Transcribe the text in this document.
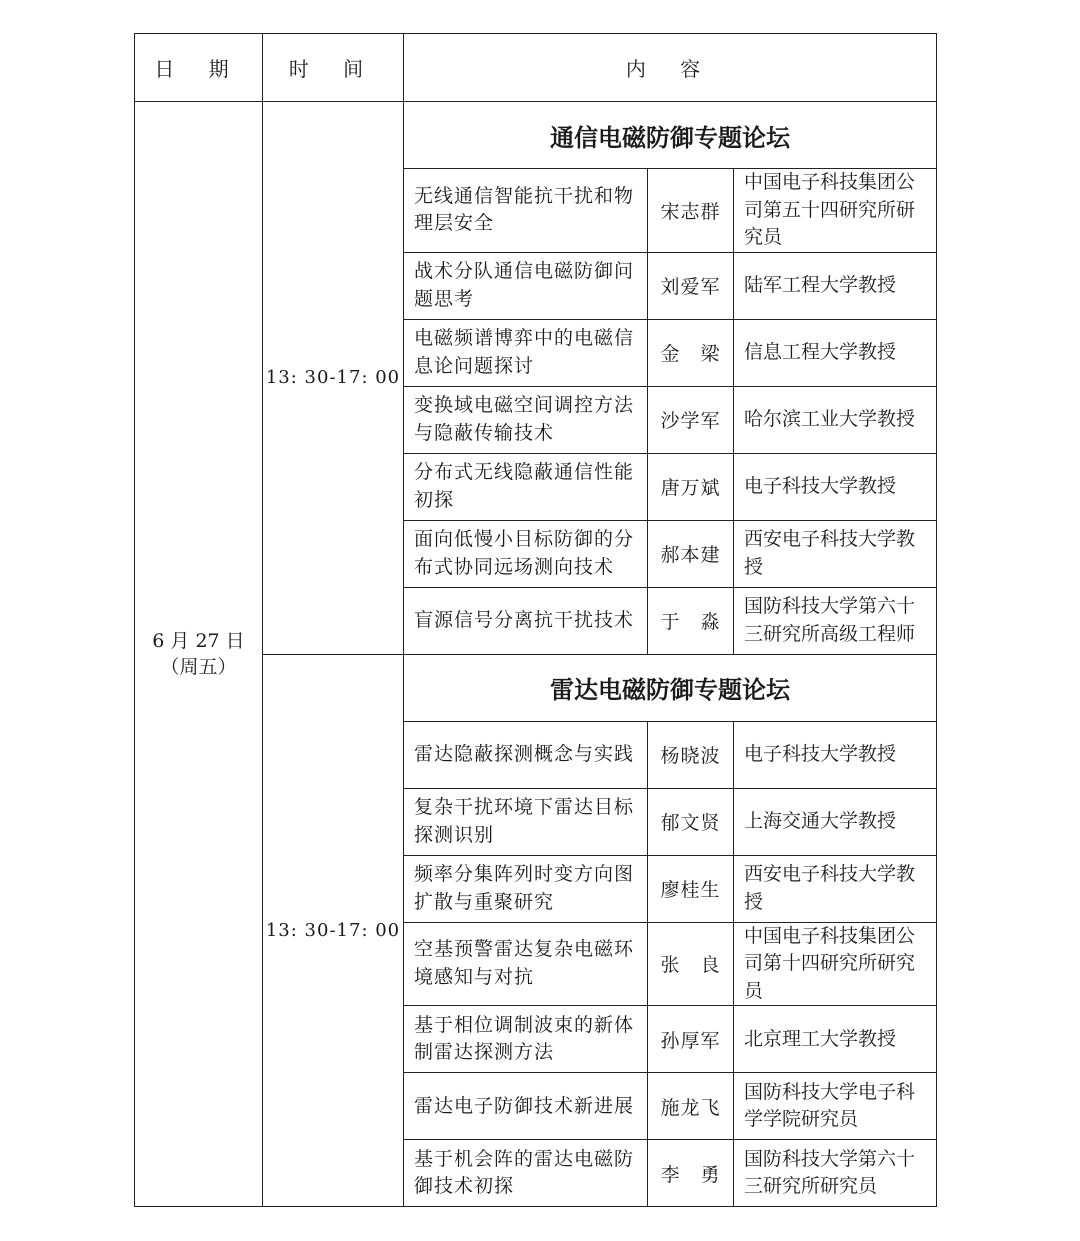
日 期	时 间	内 容		

6 月 27 日
（周五）	13: 30-17: 00	通信电磁防御专题论坛		
		无线通信智能抗干扰和物理层安全	宋志群	中国电子科技集团公司第五十四研究所研究员
		战术分队通信电磁防御问题思考	刘爱军	陆军工程大学教授
		电磁频谱博弈中的电磁信息论问题探讨	金　梁	信息工程大学教授
		变换域电磁空间调控方法与隐蔽传输技术	沙学军	哈尔滨工业大学教授
		分布式无线隐蔽通信性能初探	唐万斌	电子科技大学教授
		面向低慢小目标防御的分布式协同远场测向技术	郝本建	西安电子科技大学教授
		盲源信号分离抗干扰技术	于　淼	国防科技大学第六十三研究所高级工程师
	13: 30-17: 00	雷达电磁防御专题论坛		
		雷达隐蔽探测概念与实践	杨晓波	电子科技大学教授
		复杂干扰环境下雷达目标探测识别	郁文贤	上海交通大学教授
		频率分集阵列时变方向图扩散与重聚研究	廖桂生	西安电子科技大学教授
		空基预警雷达复杂电磁环境感知与对抗	张　良	中国电子科技集团公司第十四研究所研究员
		基于相位调制波束的新体制雷达探测方法	孙厚军	北京理工大学教授
		雷达电子防御技术新进展	施龙飞	国防科技大学电子科学学院研究员
		基于机会阵的雷达电磁防御技术初探	李　勇	国防科技大学第六十三研究所研究员
